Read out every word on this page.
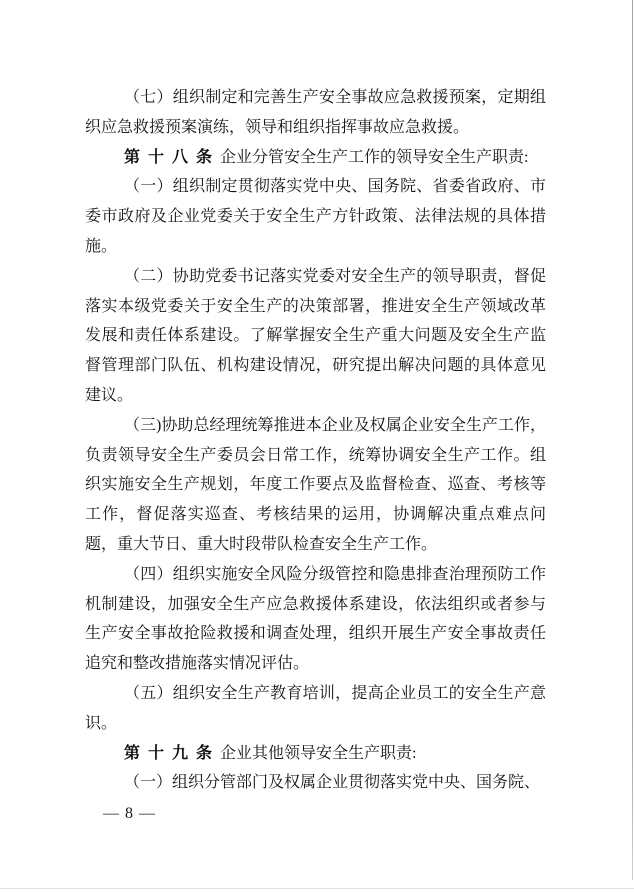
（七）组织制定和完善生产安全事故应急救援预案，定期组织应急救援预案演练，领导和组织指挥事故应急救援。

第十八条企业分管安全生产工作的领导安全生产职责:

（一）组织制定贯彻落实党中央、国务院、省委省政府、市委市政府及企业党委关于安全生产方针政策、法律法规的具体措施。

（二）协助党委书记落实党委对安全生产的领导职责，督促落实本级党委关于安全生产的决策部署，推进安全生产领域改革发展和责任体系建设。了解掌握安全生产重大问题及安全生产监督管理部门队伍、机构建设情况，研究提出解决问题的具体意见建议。

（三)协助总经理统筹推进本企业及权属企业安全生产工作，负责领导安全生产委员会日常工作，统筹协调安全生产工作。组织实施安全生产规划，年度工作要点及监督检查、巡查、考核等工作，督促落实巡查、考核结果的运用，协调解决重点难点问题，重大节日、重大时段带队检查安全生产工作。

（四）组织实施安全风险分级管控和隐患排查治理预防工作机制建设，加强安全生产应急救援体系建设，依法组织或者参与生产安全事故抢险救援和调查处理，组织开展生产安全事故责任追究和整改措施落实情况评估。

（五）组织安全生产教育培训，提高企业员工的安全生产意识。

第十九条企业其他领导安全生产职责:

（一）组织分管部门及权属企业贯彻落实党中央、国务院、

— 8 —
